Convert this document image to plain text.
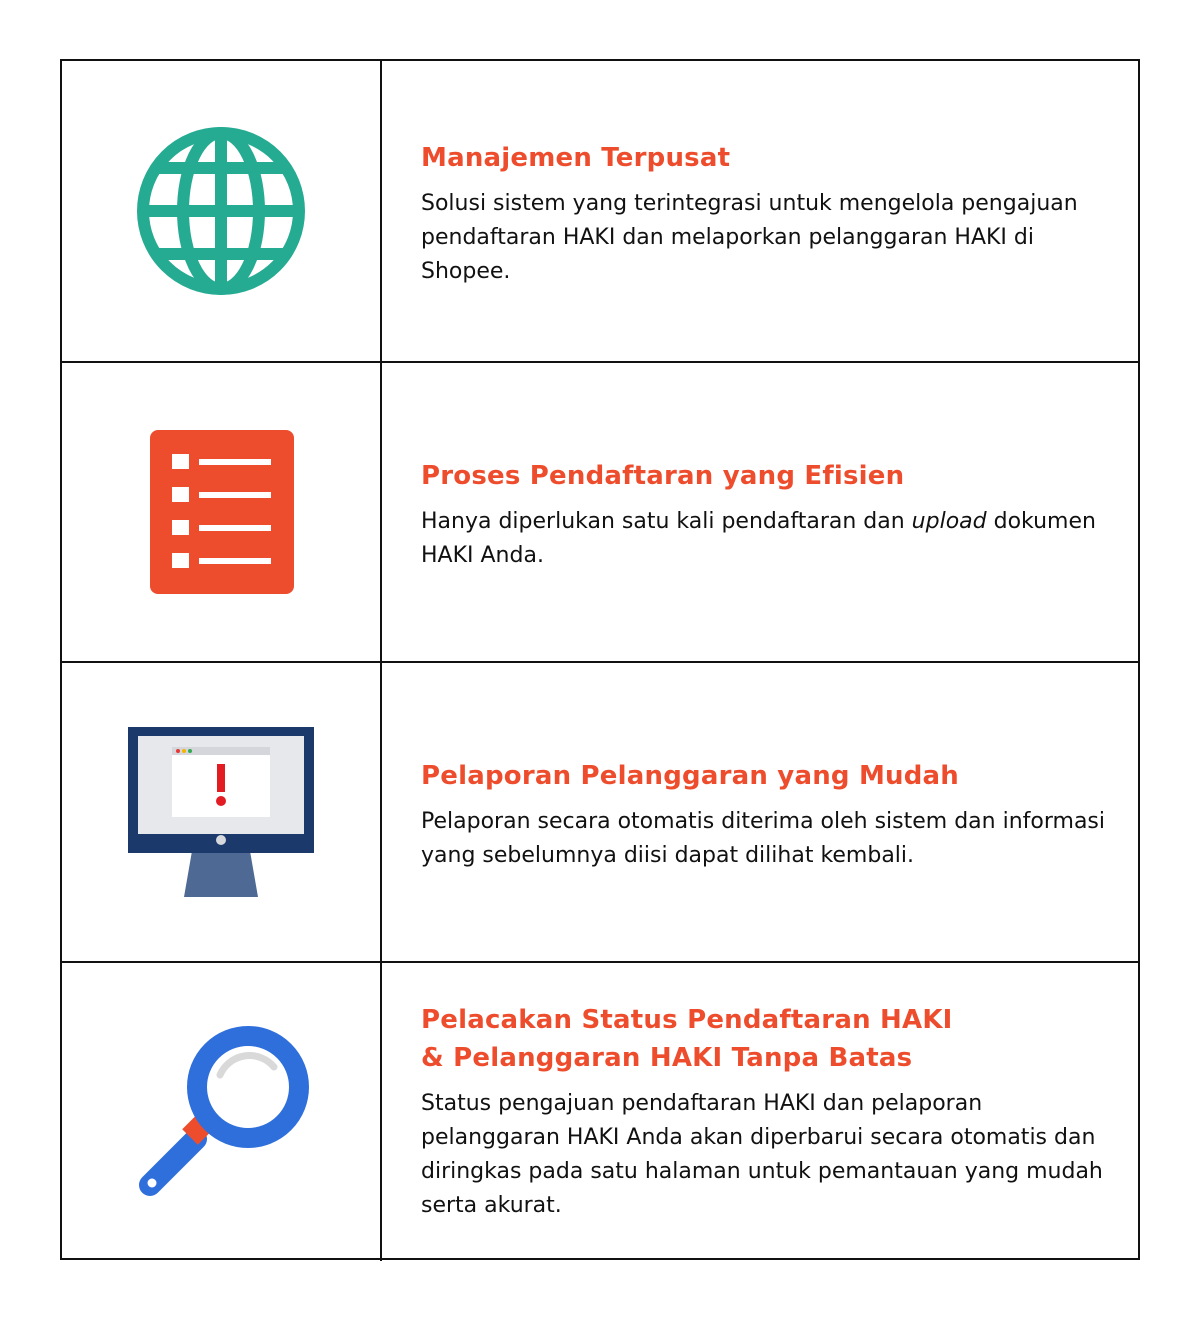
Manajemen Terpusat

Solusi sistem yang terintegrasi untuk mengelola pengajuan pendaftaran HAKI dan melaporkan pelanggaran HAKI di Shopee.

Proses Pendaftaran yang Efisien

Hanya diperlukan satu kali pendaftaran dan upload dokumen HAKI Anda.

Pelaporan Pelanggaran yang Mudah

Pelaporan secara otomatis diterima oleh sistem dan informasi yang sebelumnya diisi dapat dilihat kembali.

Pelacakan Status Pendaftaran HAKI
& Pelanggaran HAKI Tanpa Batas

Status pengajuan pendaftaran HAKI dan pelaporan pelanggaran HAKI Anda akan diperbarui secara otomatis dan diringkas pada satu halaman untuk pemantauan yang mudah serta akurat.
